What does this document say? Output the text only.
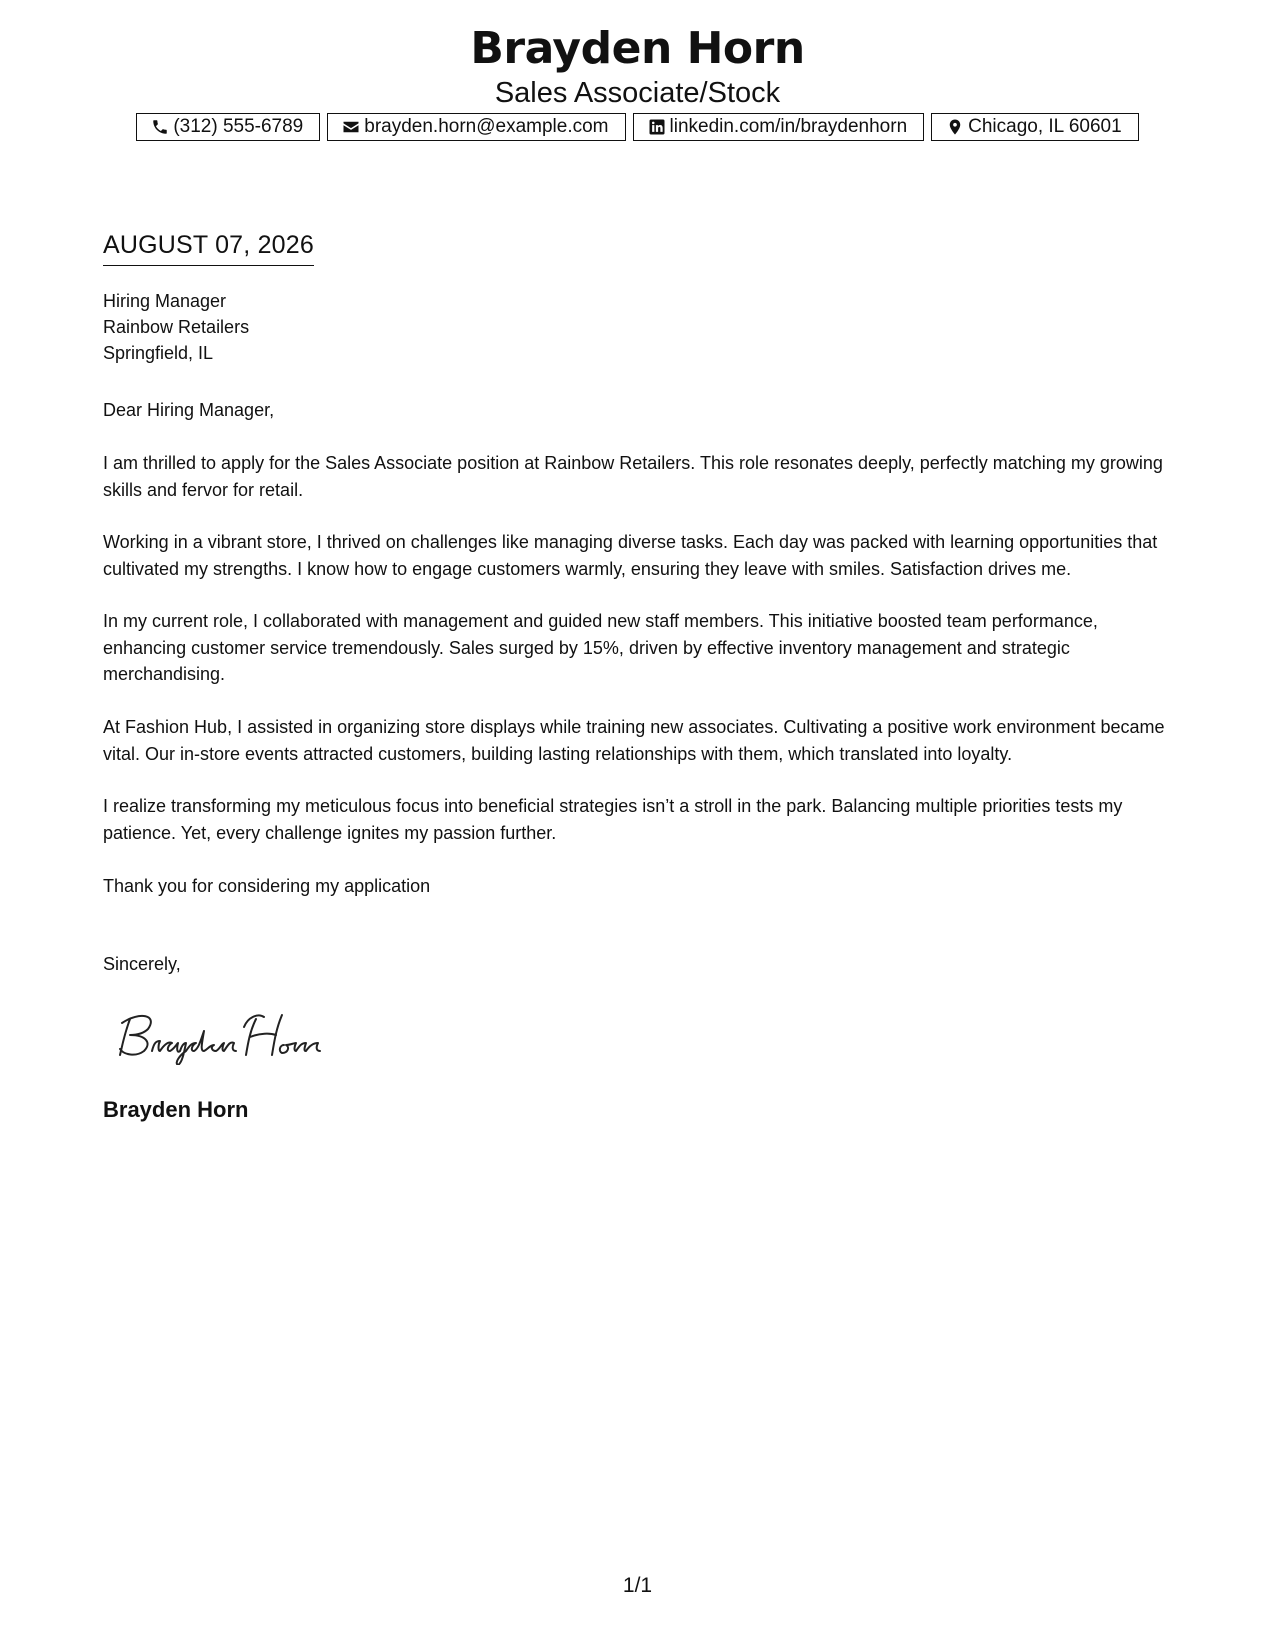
Brayden Horn
Sales Associate/Stock
(312) 555-6789	brayden.horn@example.com	linkedin.com/in/braydenhorn	Chicago, IL 60601
AUGUST 07, 2026
Hiring Manager
Rainbow Retailers
Springfield, IL
Dear Hiring Manager,

I am thrilled to apply for the Sales Associate position at Rainbow Retailers. This role resonates deeply, perfectly matching my growing skills and fervor for retail.

Working in a vibrant store, I thrived on challenges like managing diverse tasks. Each day was packed with learning opportunities that cultivated my strengths. I know how to engage customers warmly, ensuring they leave with smiles. Satisfaction drives me.

In my current role, I collaborated with management and guided new staff members. This initiative boosted team performance, enhancing customer service tremendously. Sales surged by 15%, driven by effective inventory management and strategic merchandising.

At Fashion Hub, I assisted in organizing store displays while training new associates. Cultivating a positive work environment became vital. Our in-store events attracted customers, building lasting relationships with them, which translated into loyalty.

I realize transforming my meticulous focus into beneficial strategies isn’t a stroll in the park. Balancing multiple priorities tests my patience. Yet, every challenge ignites my passion further.

Thank you for considering my application
Sincerely,
Brayden Horn
1/1
